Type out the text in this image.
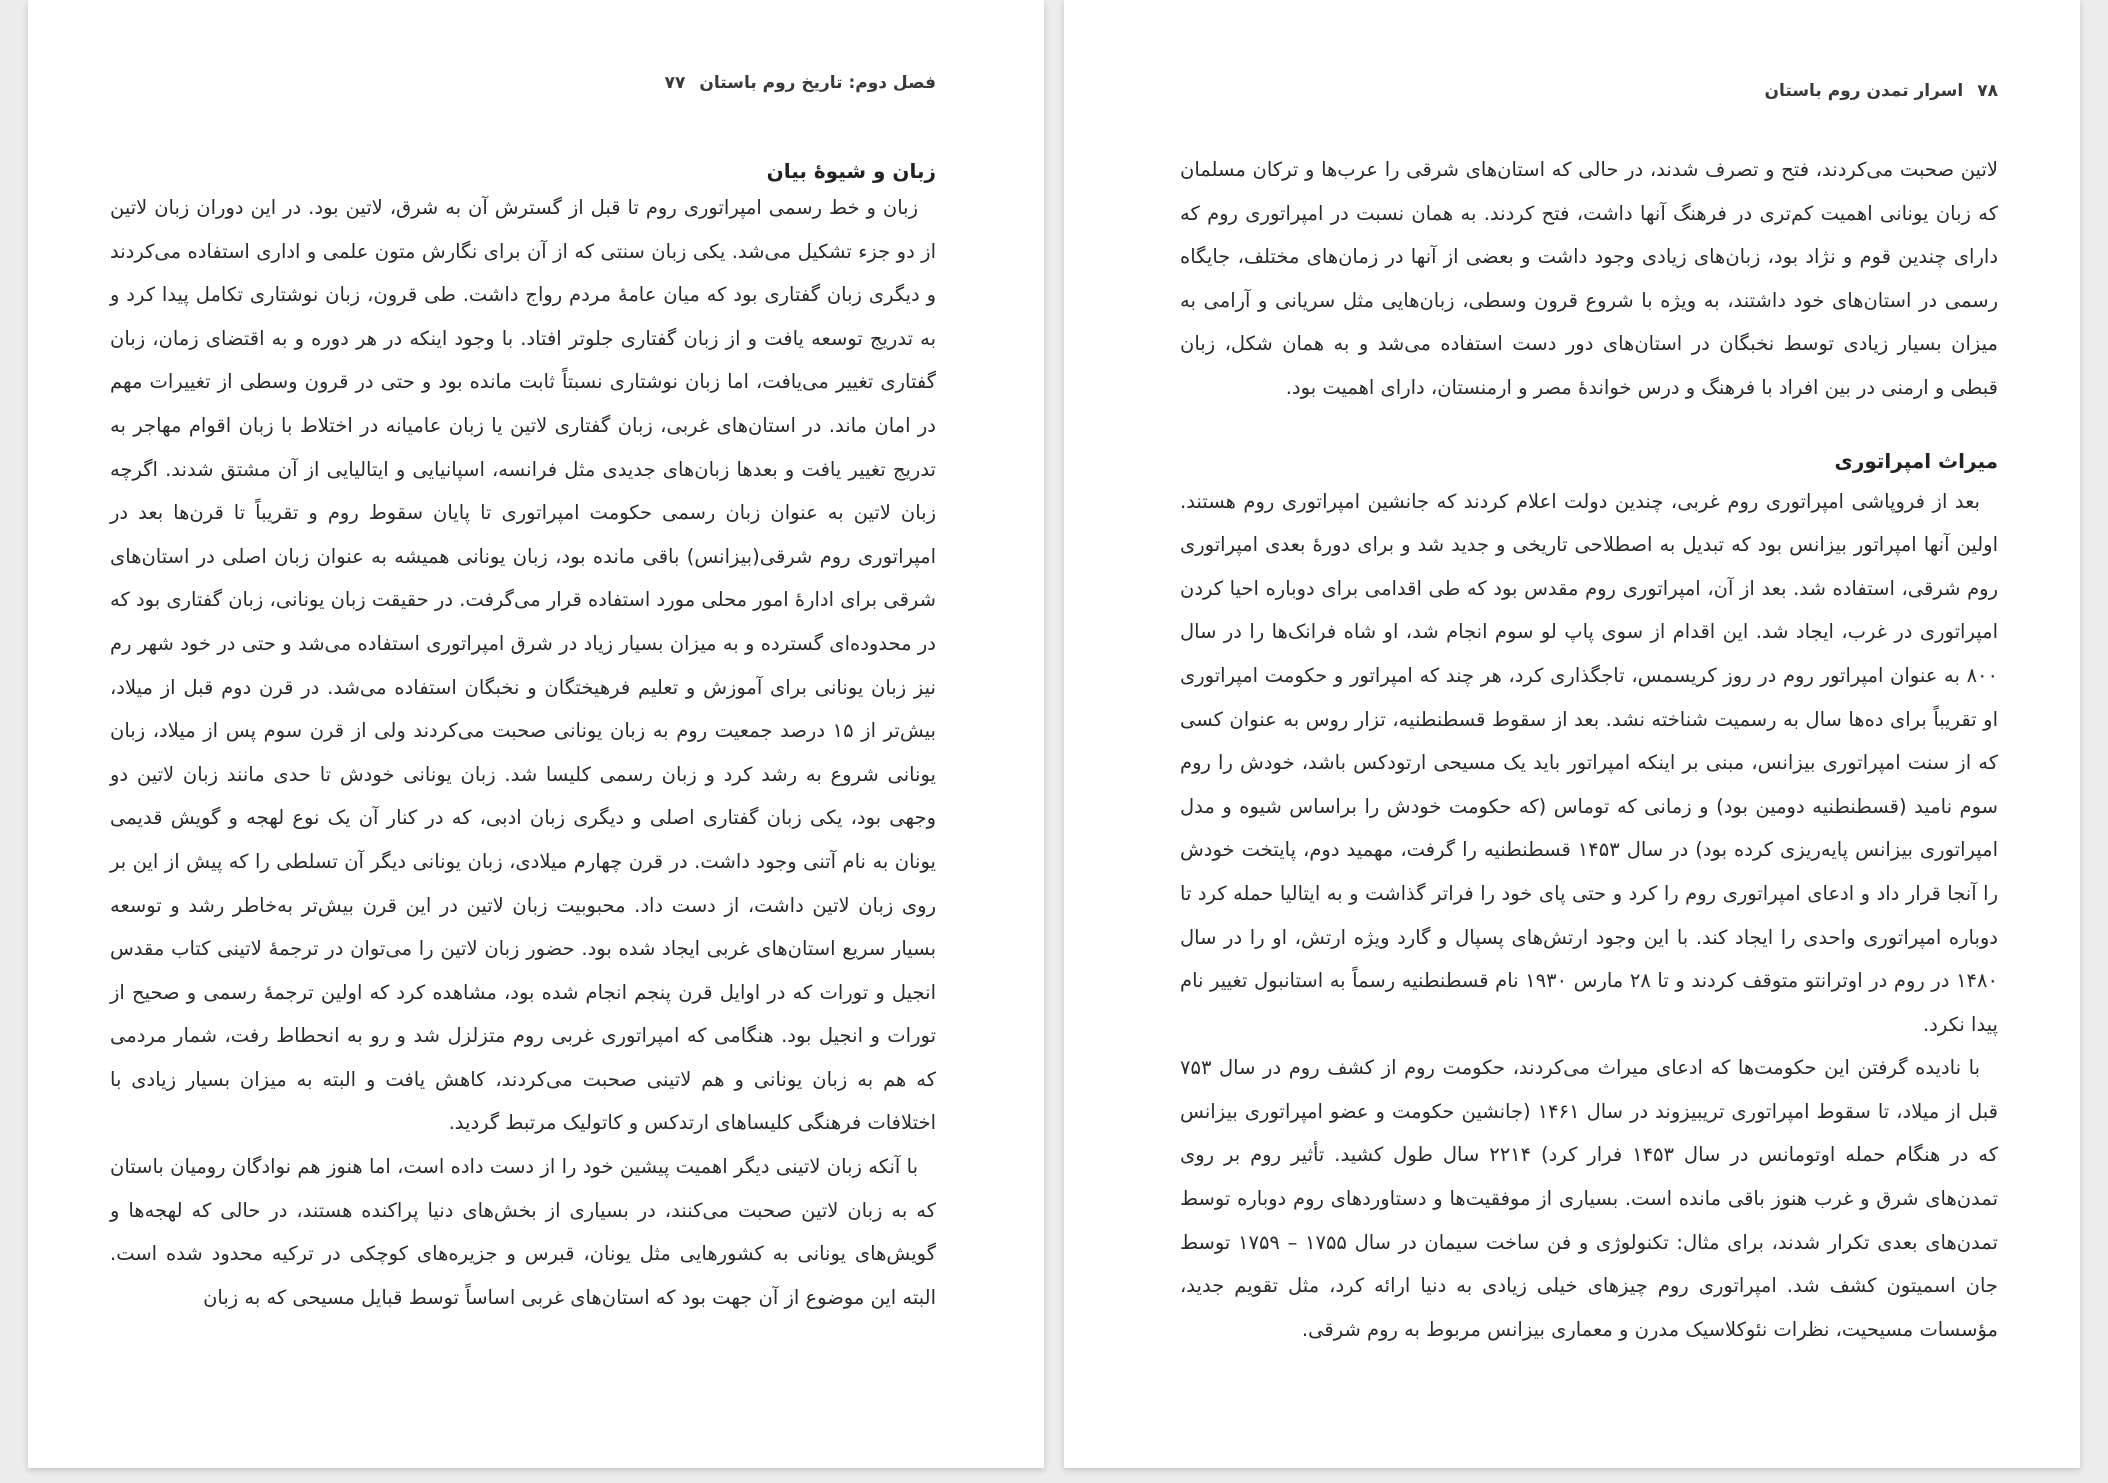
فصل دوم: تاریخ روم باستان
۷۷
زبان و شیوۀ بیان

زبان و خط رسمی امپراتوری روم تا قبل از گسترش آن به شرق، لاتین بود. در این دوران زبان لاتین از دو جزء تشکیل می‌شد. یکی زبان سنتی که از آن برای نگارش متون علمی و اداری استفاده می‌کردند و دیگری زبان گفتاری بود که میان عامۀ مردم رواج داشت. طی قرون، زبان نوشتاری تکامل پیدا کرد و به تدریج توسعه یافت و از زبان گفتاری جلوتر افتاد. با وجود اینکه در هر دوره و به اقتضای زمان، زبان گفتاری تغییر می‌یافت، اما زبان نوشتاری نسبتاً ثابت مانده بود و حتی در قرون وسطی از تغییرات مهم در امان ماند. در استان‌های غربی، زبان گفتاری لاتین یا زبان عامیانه در اختلاط با زبان اقوام مهاجر به تدریج تغییر یافت و بعدها زبان‌های جدیدی مثل فرانسه، اسپانیایی و ایتالیایی از آن مشتق شدند. اگرچه زبان لاتین به عنوان زبان رسمی حکومت امپراتوری تا پایان سقوط روم و تقریباً تا قرن‌ها بعد در امپراتوری روم شرقی(بیزانس) باقی مانده بود، زبان یونانی همیشه به عنوان زبان اصلی در استان‌های شرقی برای ادارۀ امور محلی مورد استفاده قرار می‌گرفت. در حقیقت زبان یونانی، زبان گفتاری بود که در محدوده‌ای گسترده و به میزان بسیار زیاد در شرق امپراتوری استفاده می‌شد و حتی در خود شهر رم نیز زبان یونانی برای آموزش و تعلیم فرهیختگان و نخبگان استفاده می‌شد. در قرن دوم قبل از میلاد، بیش‌تر از ۱۵ درصد جمعیت روم به زبان یونانی صحبت می‌کردند ولی از قرن سوم پس از میلاد، زبان یونانی شروع به رشد کرد و زبان رسمی کلیسا شد. زبان یونانی خودش تا حدی مانند زبان لاتین دو وجهی بود، یکی زبان گفتاری اصلی و دیگری زبان ادبی، که در کنار آن یک نوع لهجه و گویش قدیمی یونان به نام آتنی وجود داشت. در قرن چهارم میلادی، زبان یونانی دیگر آن تسلطی را که پیش از این بر روی زبان لاتین داشت، از دست داد. محبوبیت زبان لاتین در این قرن بیش‌تر به‌خاطر رشد و توسعه بسیار سریع استان‌های غربی ایجاد شده بود. حضور زبان لاتین را می‌توان در ترجمۀ لاتینی کتاب مقدس انجیل و تورات که در اوایل قرن پنجم انجام شده بود، مشاهده کرد که اولین ترجمۀ رسمی و صحیح از تورات و انجیل بود. هنگامی که امپراتوری غربی روم متزلزل شد و رو به انحطاط رفت، شمار مردمی که هم به زبان یونانی و هم لاتینی صحبت می‌کردند، کاهش یافت و البته به میزان بسیار زیادی با اختلافات فرهنگی کلیساهای ارتدکس و کاتولیک مرتبط گردید.

با آنکه زبان لاتینی دیگر اهمیت پیشین خود را از دست داده است، اما هنوز هم نوادگان رومیان باستان که به زبان لاتین صحبت می‌کنند، در بسیاری از بخش‌های دنیا پراکنده هستند، در حالی که لهجه‌ها و گویش‌های یونانی به کشورهایی مثل یونان، قبرس و جزیره‌های کوچکی در ترکیه محدود شده است. البته این موضوع از آن جهت بود که استان‌های غربی اساساً توسط قبایل مسیحی که به زبان

۷۸
اسرار تمدن روم باستان

لاتین صحبت می‌کردند، فتح و تصرف شدند، در حالی که استان‌های شرقی را عرب‌ها و ترکان مسلمان که زبان یونانی اهمیت کم‌تری در فرهنگ آنها داشت، فتح کردند. به همان نسبت در امپراتوری روم که دارای چندین قوم و نژاد بود، زبان‌های زیادی وجود داشت و بعضی از آنها در زمان‌های مختلف، جایگاه رسمی در استان‌های خود داشتند، به ویژه با شروع قرون وسطی، زبان‌هایی مثل سریانی و آرامی به میزان بسیار زیادی توسط نخبگان در استان‌های دور دست استفاده می‌شد و به همان شکل، زبان قبطی و ارمنی در بین افراد با فرهنگ و درس خواندۀ مصر و ارمنستان، دارای اهمیت بود.

میراث امپراتوری

بعد از فروپاشی امپراتوری روم غربی، چندین دولت اعلام کردند که جانشین امپراتوری روم هستند. اولین آنها امپراتور بیزانس بود که تبدیل به اصطلاحی تاریخی و جدید شد و برای دورۀ بعدی امپراتوری روم شرقی، استفاده شد. بعد از آن، امپراتوری روم مقدس بود که طی اقدامی برای دوباره احیا کردن امپراتوری در غرب، ایجاد شد. این اقدام از سوی پاپ لو سوم انجام شد، او شاه فرانک‌ها را در سال ۸۰۰ به عنوان امپراتور روم در روز کریسمس، تاجگذاری کرد، هر چند که امپراتور و حکومت امپراتوری او تقریباً برای ده‌ها سال به رسمیت شناخته نشد. بعد از سقوط قسطنطنیه، تزار روس به عنوان کسی که از سنت امپراتوری بیزانس، مبنی بر اینکه امپراتور باید یک مسیحی ارتودکس باشد، خودش را روم سوم نامید (قسطنطنیه دومین بود) و زمانی که توماس (که حکومت خودش را براساس شیوه و مدل امپراتوری بیزانس پایه‌ریزی کرده بود) در سال ۱۴۵۳ قسطنطنیه را گرفت، مهمید دوم، پایتخت خودش را آنجا قرار داد و ادعای امپراتوری روم را کرد و حتی پای خود را فراتر گذاشت و به ایتالیا حمله کرد تا دوباره امپراتوری واحدی را ایجاد کند. با این وجود ارتش‌های پسپال و گارد ویژه ارتش، او را در سال ۱۴۸۰ در روم در اوترانتو متوقف کردند و تا ۲۸ مارس ۱۹۳۰ نام قسطنطنیه رسماً به استانبول تغییر نام پیدا نکرد.

با نادیده گرفتن این حکومت‌ها که ادعای میراث می‌کردند، حکومت روم از کشف روم در سال ۷۵۳ قبل از میلاد، تا سقوط امپراتوری تریبیزوند در سال ۱۴۶۱ (جانشین حکومت و عضو امپراتوری بیزانس که در هنگام حمله اوتومانس در سال ۱۴۵۳ فرار کرد) ۲۲۱۴ سال طول کشید. تأثیر روم بر روی تمدن‌های شرق و غرب هنوز باقی مانده است. بسیاری از موفقیت‌ها و دستاوردهای روم دوباره توسط تمدن‌های بعدی تکرار شدند، برای مثال: تکنولوژی و فن ساخت سیمان در سال ۱۷۵۵ – ۱۷۵۹ توسط جان اسمیتون کشف شد. امپراتوری روم چیزهای خیلی زیادی به دنیا ارائه کرد، مثل تقویم جدید، مؤسسات مسیحیت، نظرات نئوکلاسیک مدرن و معماری بیزانس مربوط به روم شرقی.
